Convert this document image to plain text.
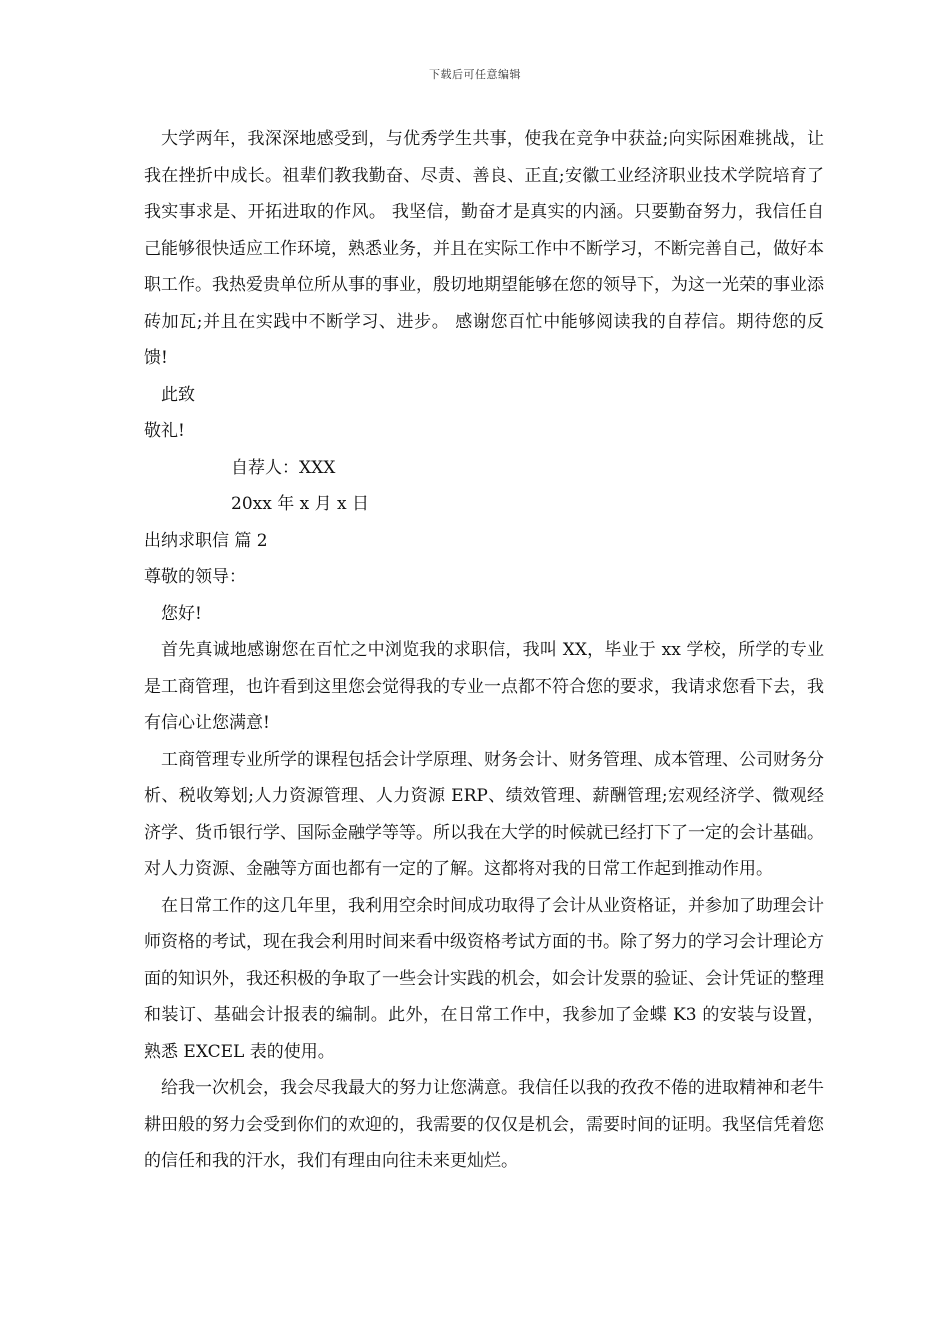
下载后可任意编辑

大学两年，我深深地感受到，与优秀学生共事，使我在竞争中获益;向实际困难挑战，让我在挫折中成长。祖辈们教我勤奋、尽责、善良、正直;安徽工业经济职业技术学院培育了我实事求是、开拓进取的作风。 我坚信，勤奋才是真实的内涵。只要勤奋努力，我信任自己能够很快适应工作环境，熟悉业务，并且在实际工作中不断学习，不断完善自己，做好本职工作。我热爱贵单位所从事的事业，殷切地期望能够在您的领导下，为这一光荣的事业添砖加瓦;并且在实践中不断学习、进步。 感谢您百忙中能够阅读我的自荐信。期待您的反馈!

此致

敬礼!

自荐人：XXX

20xx 年 x 月 x 日

出纳求职信 篇 2

尊敬的领导：

您好!

首先真诚地感谢您在百忙之中浏览我的求职信，我叫 XX，毕业于 xx 学校，所学的专业是工商管理，也许看到这里您会觉得我的专业一点都不符合您的要求，我请求您看下去，我有信心让您满意!

工商管理专业所学的课程包括会计学原理、财务会计、财务管理、成本管理、公司财务分析、税收筹划;人力资源管理、人力资源 ERP、绩效管理、薪酬管理;宏观经济学、微观经济学、货币银行学、国际金融学等等。所以我在大学的时候就已经打下了一定的会计基础。对人力资源、金融等方面也都有一定的了解。这都将对我的日常工作起到推动作用。

在日常工作的这几年里，我利用空余时间成功取得了会计从业资格证，并参加了助理会计师资格的考试，现在我会利用时间来看中级资格考试方面的书。除了努力的学习会计理论方面的知识外，我还积极的争取了一些会计实践的机会，如会计发票的验证、会计凭证的整理和装订、基础会计报表的编制。此外，在日常工作中，我参加了金蝶 K3 的安装与设置，熟悉 EXCEL 表的使用。

给我一次机会，我会尽我最大的努力让您满意。我信任以我的孜孜不倦的进取精神和老牛耕田般的努力会受到你们的欢迎的，我需要的仅仅是机会，需要时间的证明。我坚信凭着您的信任和我的汗水，我们有理由向往未来更灿烂。
